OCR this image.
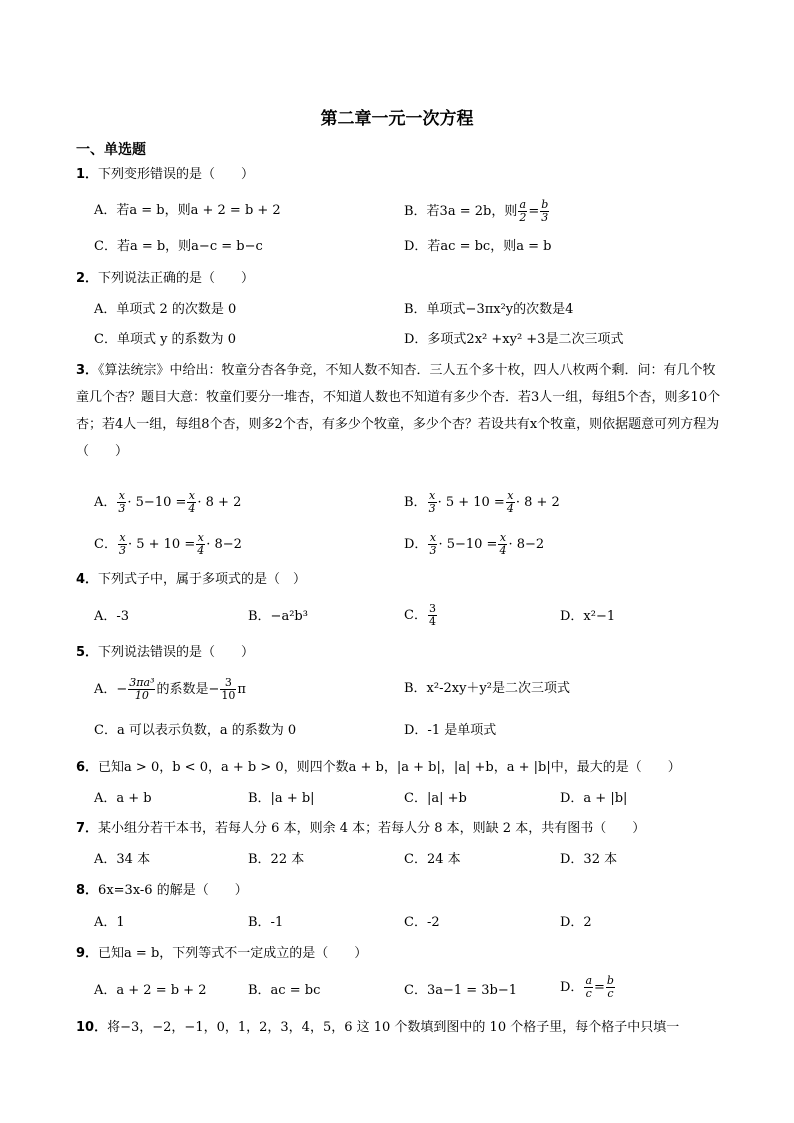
第二章一元一次方程
一、单选题
1．下列变形错误的是（　　）
A．若a = b，则a + 2 = b + 2	B．若3a = 2b，则 $\frac{a}{2} = \frac{b}{3}$
C．若a = b，则a−c = b−c	D．若ac = bc，则a = b
2．下列说法正确的是（　　）
A．单项式 2 的次数是 0	B．单项式−3πx²y的次数是4
C．单项式 y 的系数为 0	D．多项式2x² +xy² +3是二次三项式
3．《算法统宗》中给出：牧童分杏各争竞，不知人数不知杏．三人五个多十枚，四人八枚两个剩．问：有几个牧童几个杏？题目大意：牧童们要分一堆杏，不知道人数也不知道有多少个杏．若3人一组，每组5个杏，则多10个杏；若4人一组，每组8个杏，则多2个杏，有多少个牧童，多少个杏？若设共有x个牧童，则依据题意可列方程为（　　）
A． $\frac{x}{3} \cdot 5-10 = \frac{x}{4} \cdot 8 + 2$	B． $\frac{x}{3} \cdot 5 + 10 = \frac{x}{4} \cdot 8 + 2$
C． $\frac{x}{3} \cdot 5 + 10 = \frac{x}{4} \cdot 8-2$	D． $\frac{x}{3} \cdot 5-10 = \frac{x}{4} \cdot 8-2$
4．下列式子中，属于多项式的是（　）
A．-3	B．−a²b³	C． $\frac{3}{4}$	D．x²−1
5．下列说法错误的是（　　）
A．− $\frac{\text{3πa³}}{10}$ 的系数是− $\frac{3}{10}$ π	B．x²-2xy＋y²是二次三项式
C．a 可以表示负数，a 的系数为 0	D．-1 是单项式
6．已知a > 0，b < 0，a + b > 0，则四个数a + b，|a + b|，|a| +b，a + |b|中，最大的是（　　）
A．a + b	B．|a + b|	C．|a| +b	D．a + |b|
7．某小组分若干本书，若每人分 6 本，则余 4 本；若每人分 8 本，则缺 2 本，共有图书（　　）
A．34 本	B．22 本	C．24 本	D．32 本
8．6x=3x-6 的解是（　　）
A．1	B．-1	C．-2	D．2
9．已知a = b，下列等式不一定成立的是（　　）
A．a + 2 = b + 2	B．ac = bc	C．3a−1 = 3b−1	D． $\frac{a}{c} = \frac{b}{c}$
10．将−3，−2，−1，0，1，2，3，4，5，6 这 10 个数填到图中的 10 个格子里，每个格子中只填一
